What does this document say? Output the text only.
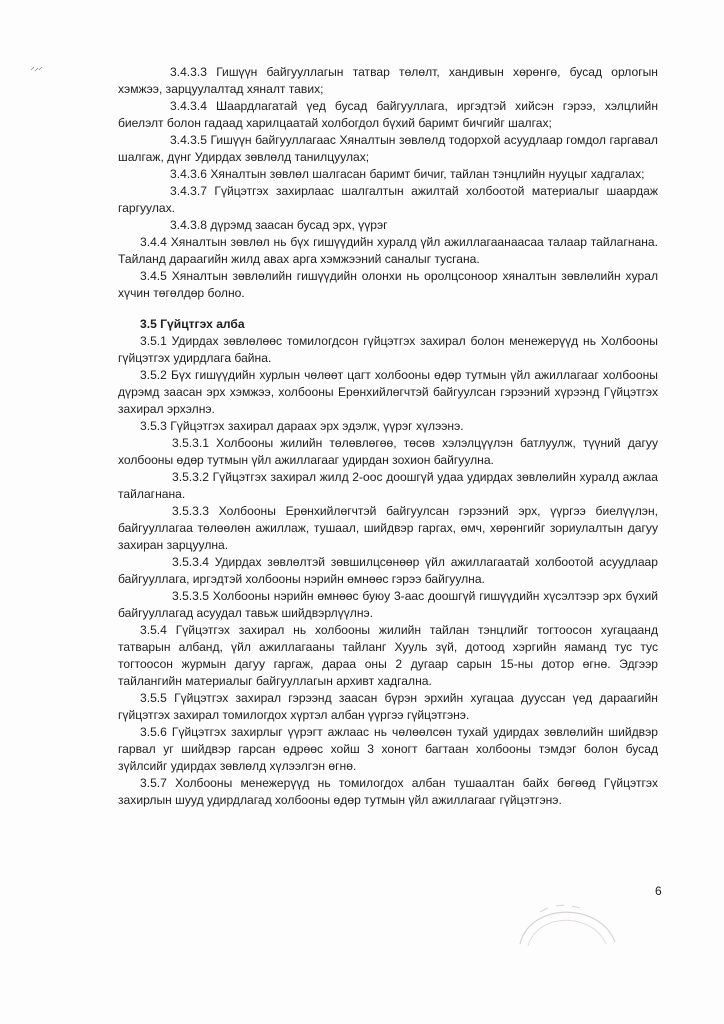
3.4.3.3 Гишүүн байгууллагын татвар төлөлт, хандивын хөрөнгө, бусад орлогын хэмжээ, зарцуулалтад хяналт тавих;

3.4.3.4 Шаардлагатай үед бусад байгууллага, иргэдтэй хийсэн гэрээ, хэлцлийн биелэлт болон гадаад харилцаатай холбогдол бүхий баримт бичгийг шалгах;

3.4.3.5 Гишүүн байгууллагаас Хяналтын зөвлөлд тодорхой асуудлаар гомдол гаргавал шалгаж, дүнг Удирдах зөвлөлд танилцуулах;

3.4.3.6 Хяналтын зөвлөл шалгасан баримт бичиг, тайлан тэнцлийн нууцыг хадгалах;

3.4.3.7 Гүйцэтгэх захирлаас шалгалтын ажилтай холбоотой материалыг шаардаж гаргуулах.

3.4.3.8 дүрэмд заасан бусад эрх, үүрэг

3.4.4 Хяналтын зөвлөл нь бүх гишүүдийн хуралд үйл ажиллагаанаасаа талаар тайлагнана. Тайланд дараагийн жилд авах арга хэмжээний саналыг тусгана.

3.4.5 Хяналтын зөвлөлийн гишүүдийн олонхи нь оролцсоноор хяналтын зөвлөлийн хурал хүчин төгөлдөр болно.

3.5 Гүйцтгэх алба

3.5.1 Удирдах зөвлөлөөс томилогдсон гүйцэтгэх захирал болон менежерүүд нь Холбооны гүйцэтгэх удирдлага байна.

3.5.2 Бүх гишүүдийн хурлын чөлөөт цагт холбооны өдөр тутмын үйл ажиллагааг холбооны дүрэмд заасан эрх хэмжээ, холбооны Ерөнхийлөгчтэй байгуулсан гэрээний хүрээнд Гүйцэтгэх захирал эрхэлнэ.

3.5.3 Гүйцэтгэх захирал дараах эрх эдэлж, үүрэг хүлээнэ.

3.5.3.1 Холбооны жилийн төлөвлөгөө, төсөв хэлэлцүүлэн батлуулж, түүний дагуу холбооны өдөр тутмын үйл ажиллагааг удирдан зохион байгуулна.

3.5.3.2 Гүйцэтгэх захирал жилд 2-оос доошгүй удаа удирдах зөвлөлийн хуралд ажлаа тайлагнана.

3.5.3.3 Холбооны Ерөнхийлөгчтэй байгуулсан гэрээний эрх, үүргээ биелүүлэн, байгууллагаа төлөөлөн ажиллаж, тушаал, шийдвэр гаргах, өмч, хөрөнгийг зориулалтын дагуу захиран зарцуулна.

3.5.3.4 Удирдах зөвлөлтэй зөвшилцсөнөөр үйл ажиллагаатай холбоотой асуудлаар байгууллага, иргэдтэй холбооны нэрийн өмнөөс гэрээ байгуулна.

3.5.3.5 Холбооны нэрийн өмнөөс буюу 3-аас доошгүй гишүүдийн хүсэлтээр эрх бүхий байгууллагад асуудал тавьж шийдвэрлүүлнэ.

3.5.4 Гүйцэтгэх захирал нь холбооны жилийн тайлан тэнцлийг тогтоосон хугацаанд татварын албанд, үйл ажиллагааны тайланг Хууль зүй, дотоод хэргийн яаманд тус тус тогтоосон журмын дагуу гаргаж, дараа оны 2 дугаар сарын 15-ны дотор өгнө. Эдгээр тайлангийн материалыг байгууллагын архивт хадгална.

3.5.5 Гүйцэтгэх захирал гэрээнд заасан бүрэн эрхийн хугацаа дууссан үед дараагийн гүйцэтгэх захирал томилогдох хүртэл албан үүргээ гүйцэтгэнэ.

3.5.6 Гүйцэтгэх захирлыг үүрэгт ажлаас нь чөлөөлсөн тухай удирдах зөвлөлийн шийдвэр гарвал уг шийдвэр гарсан өдрөөс хойш 3 хоногт багтаан холбооны тэмдэг болон бусад зүйлсийг удирдах зөвлөлд хүлээлгэн өгнө.

3.5.7 Холбооны менежерүүд нь томилогдох албан тушаалтан байх бөгөөд Гүйцэтгэх захирлын шууд удирдлагад холбооны өдөр тутмын үйл ажиллагааг гүйцэтгэнэ.

6
